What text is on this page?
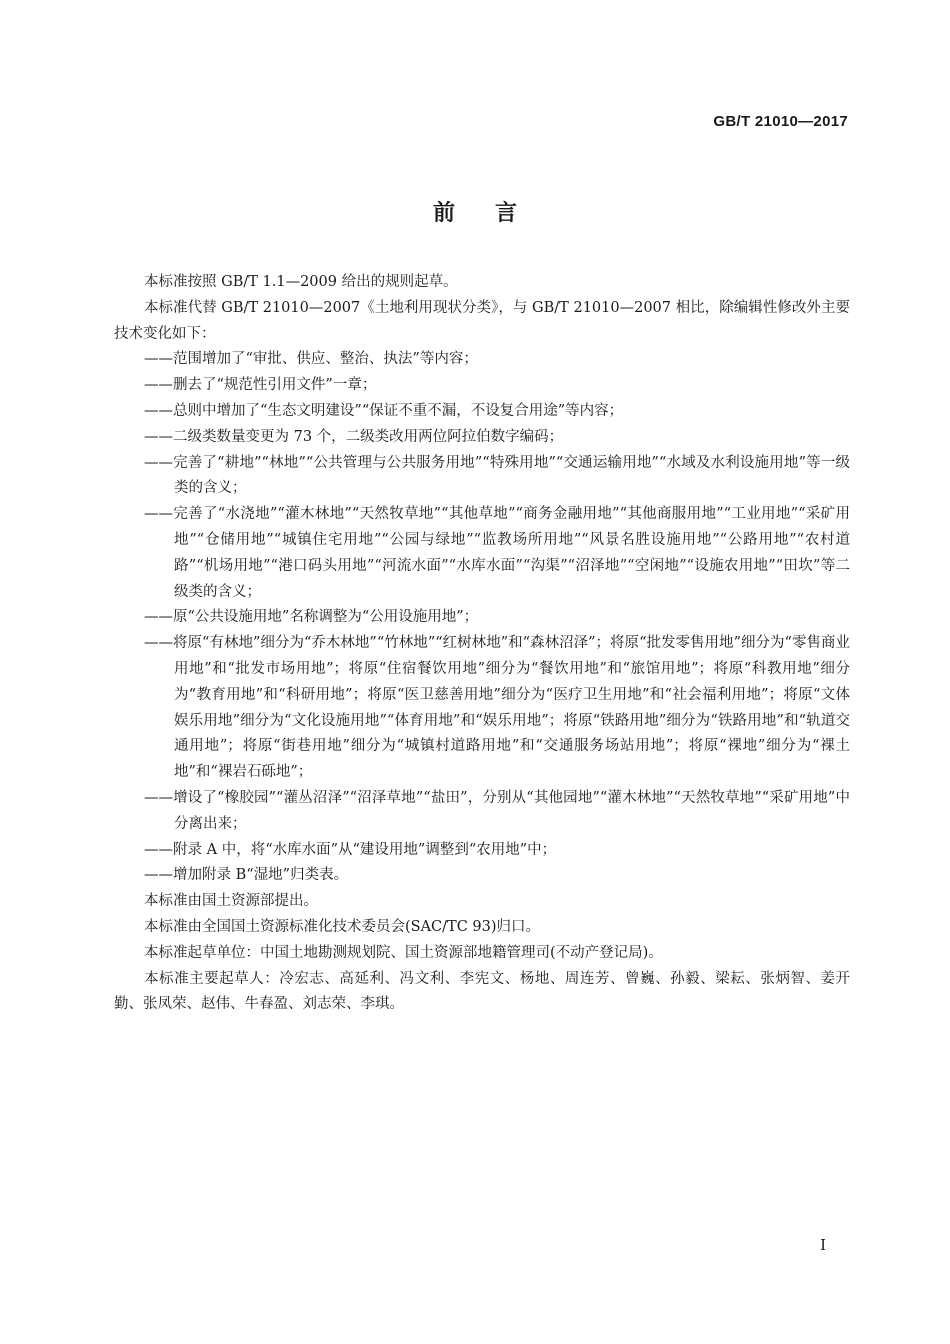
GB/T 21010—2017
前言

本标准按照 GB/T 1.1—2009 给出的规则起草。

本标准代替 GB/T 21010—2007《土地利用现状分类》，与 GB/T 21010—2007 相比，除编辑性修改外主要技术变化如下：

——范围增加了“审批、供应、整治、执法”等内容；

——删去了“规范性引用文件”一章；

——总则中增加了“生态文明建设”“保证不重不漏，不设复合用途”等内容；

——二级类数量变更为 73 个，二级类改用两位阿拉伯数字编码；

——完善了“耕地”“林地”“公共管理与公共服务用地”“特殊用地”“交通运输用地”“水域及水利设施用地”等一级类的含义；

——完善了“水浇地”“灌木林地”“天然牧草地”“其他草地”“商务金融用地”“其他商服用地”“工业用地”“采矿用地”“仓储用地”“城镇住宅用地”“公园与绿地”“监教场所用地”“风景名胜设施用地”“公路用地”“农村道路”“机场用地”“港口码头用地”“河流水面”“水库水面”“沟渠”“沼泽地”“空闲地”“设施农用地”“田坎”等二级类的含义；

——原“公共设施用地”名称调整为“公用设施用地”；

——将原“有林地”细分为“乔木林地”“竹林地”“红树林地”和“森林沼泽”；将原“批发零售用地”细分为“零售商业用地”和“批发市场用地”；将原“住宿餐饮用地”细分为“餐饮用地”和“旅馆用地”；将原“科教用地”细分为“教育用地”和“科研用地”；将原“医卫慈善用地”细分为“医疗卫生用地”和“社会福利用地”；将原“文体娱乐用地”细分为“文化设施用地”“体育用地”和“娱乐用地”；将原“铁路用地”细分为“铁路用地”和“轨道交通用地”；将原“街巷用地”细分为“城镇村道路用地”和“交通服务场站用地”；将原“裸地”细分为“裸土地”和“裸岩石砾地”；

——增设了“橡胶园”“灌丛沼泽”“沼泽草地”“盐田”，分别从“其他园地”“灌木林地”“天然牧草地”“采矿用地”中分离出来；

——附录 A 中，将“水库水面”从“建设用地”调整到“农用地”中；

——增加附录 B“湿地”归类表。

本标准由国土资源部提出。

本标准由全国国土资源标准化技术委员会(SAC/TC 93)归口。

本标准起草单位：中国土地勘测规划院、国土资源部地籍管理司(不动产登记局)。

本标准主要起草人：冷宏志、高延利、冯文利、李宪文、杨地、周连芳、曾巍、孙毅、梁耘、张炳智、姜开勤、张凤荣、赵伟、牛春盈、刘志荣、李琪。

I
